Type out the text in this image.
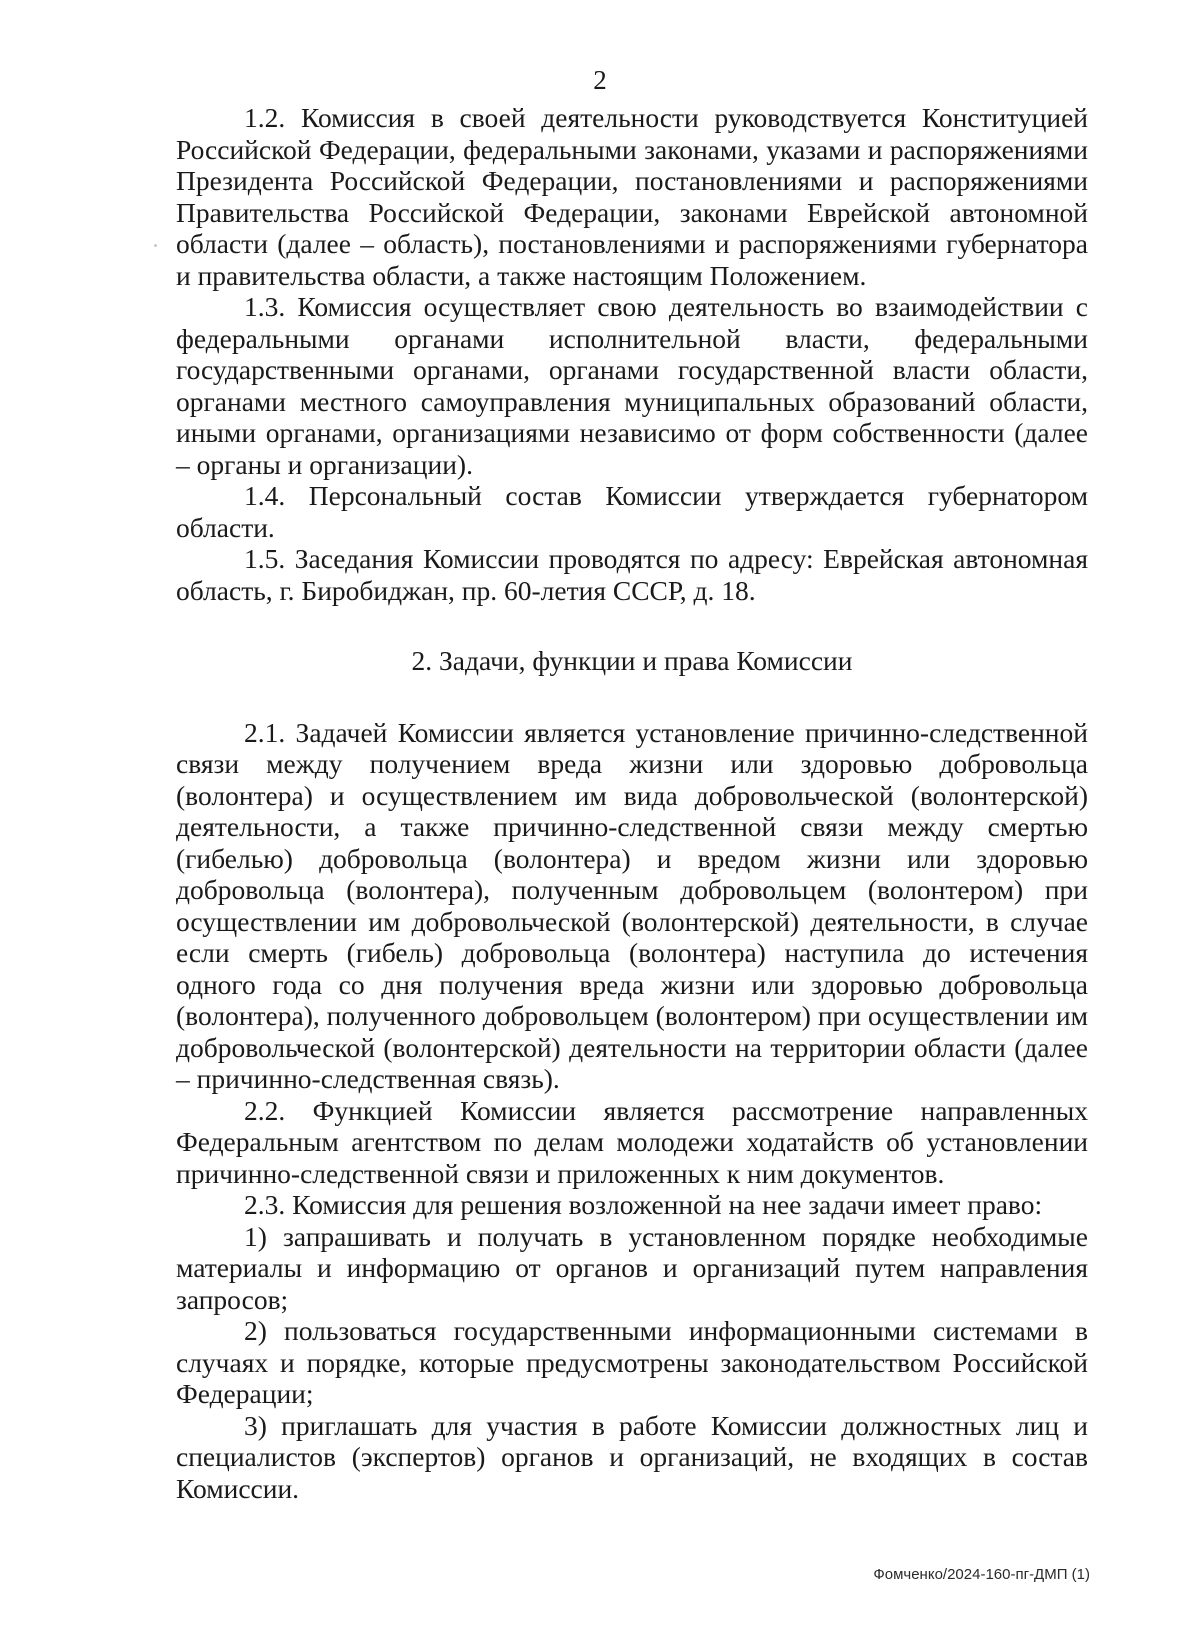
2

1.2. Комиссия в своей деятельности руководствуется Конституцией Российской Федерации, федеральными законами, указами и распоряжениями Президента Российской Федерации, постановлениями и распоряжениями Правительства Российской Федерации, законами Еврейской автономной области (далее – область), постановлениями и распоряжениями губернатора и правительства области, а также настоящим Положением.

1.3. Комиссия осуществляет свою деятельность во взаимодействии с федеральными органами исполнительной власти, федеральными государственными органами, органами государственной власти области, органами местного самоуправления муниципальных образований области, иными органами, организациями независимо от форм собственности (далее – органы и организации).

1.4. Персональный состав Комиссии утверждается губернатором области.

1.5. Заседания Комиссии проводятся по адресу: Еврейская автономная область, г. Биробиджан, пр. 60-летия СССР, д. 18.

2. Задачи, функции и права Комиссии

2.1. Задачей Комиссии является установление причинно-следственной связи между получением вреда жизни или здоровью добровольца (волонтера) и осуществлением им вида добровольческой (волонтерской) деятельности, а также причинно-следственной связи между смертью (гибелью) добровольца (волонтера) и вредом жизни или здоровью добровольца (волонтера), полученным добровольцем (волонтером) при осуществлении им добровольческой (волонтерской) деятельности, в случае если смерть (гибель) добровольца (волонтера) наступила до истечения одного года со дня получения вреда жизни или здоровью добровольца (волонтера), полученного добровольцем (волонтером) при осуществлении им добровольческой (волонтерской) деятельности на территории области (далее – причинно-следственная связь).

2.2. Функцией Комиссии является рассмотрение направленных Федеральным агентством по делам молодежи ходатайств об установлении причинно-следственной связи и приложенных к ним документов.

2.3. Комиссия для решения возложенной на нее задачи имеет право:

1) запрашивать и получать в установленном порядке необходимые материалы и информацию от органов и организаций путем направления запросов;

2) пользоваться государственными информационными системами в случаях и порядке, которые предусмотрены законодательством Российской Федерации;

3) приглашать для участия в работе Комиссии должностных лиц и специалистов (экспертов) органов и организаций, не входящих в состав Комиссии.

Фомченко/2024-160-пг-ДМП (1)
